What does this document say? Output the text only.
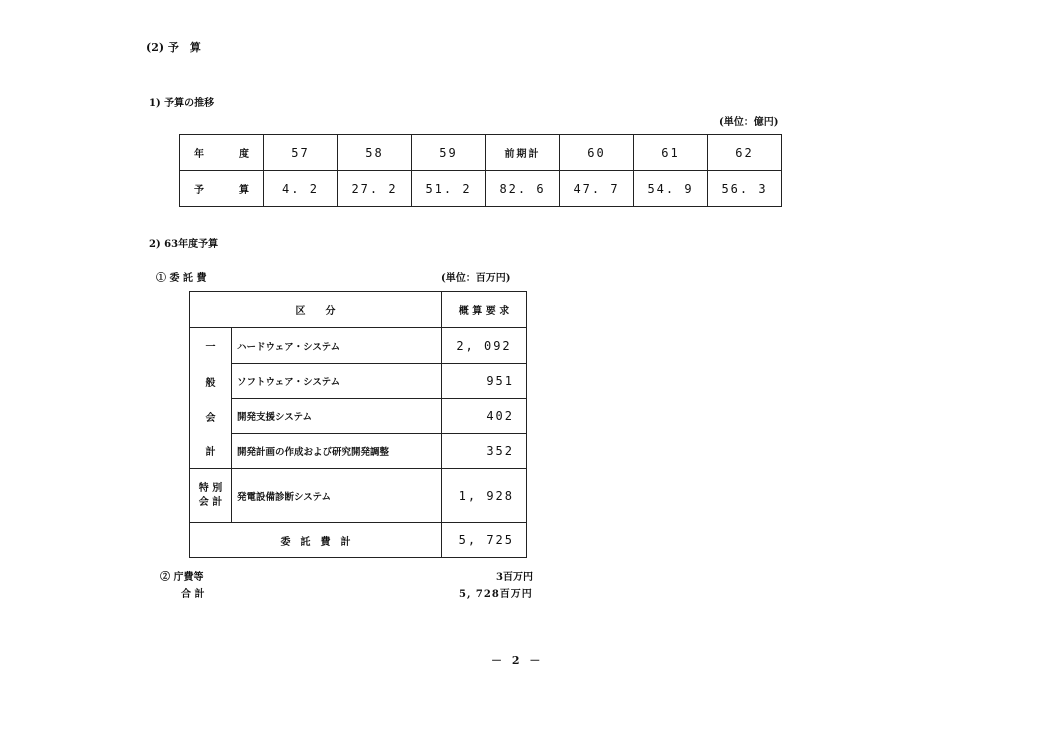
(2) 予　算
1) 予算の推移
(単位：億円)
年 度	57	58	59	前期計	60	61	62

予 算	4. 2	27. 2	51. 2	82. 6	47. 7	54. 9	56. 3
2) 63年度予算
① 委 託 費	(単位：百万円)
区　　分		概 算 要 求
一	ハードウェア・システム	2, 092
般	ソフトウェア・システム	951
会	開発支援システム	402
計	開発計画の作成および研究開発調整	352

特 別
会 計	発電設備診断システム	1, 928
委　託　費　計		5, 725
② 庁費等	3百万円
合 計	5, 728百万円
－ 2 －
